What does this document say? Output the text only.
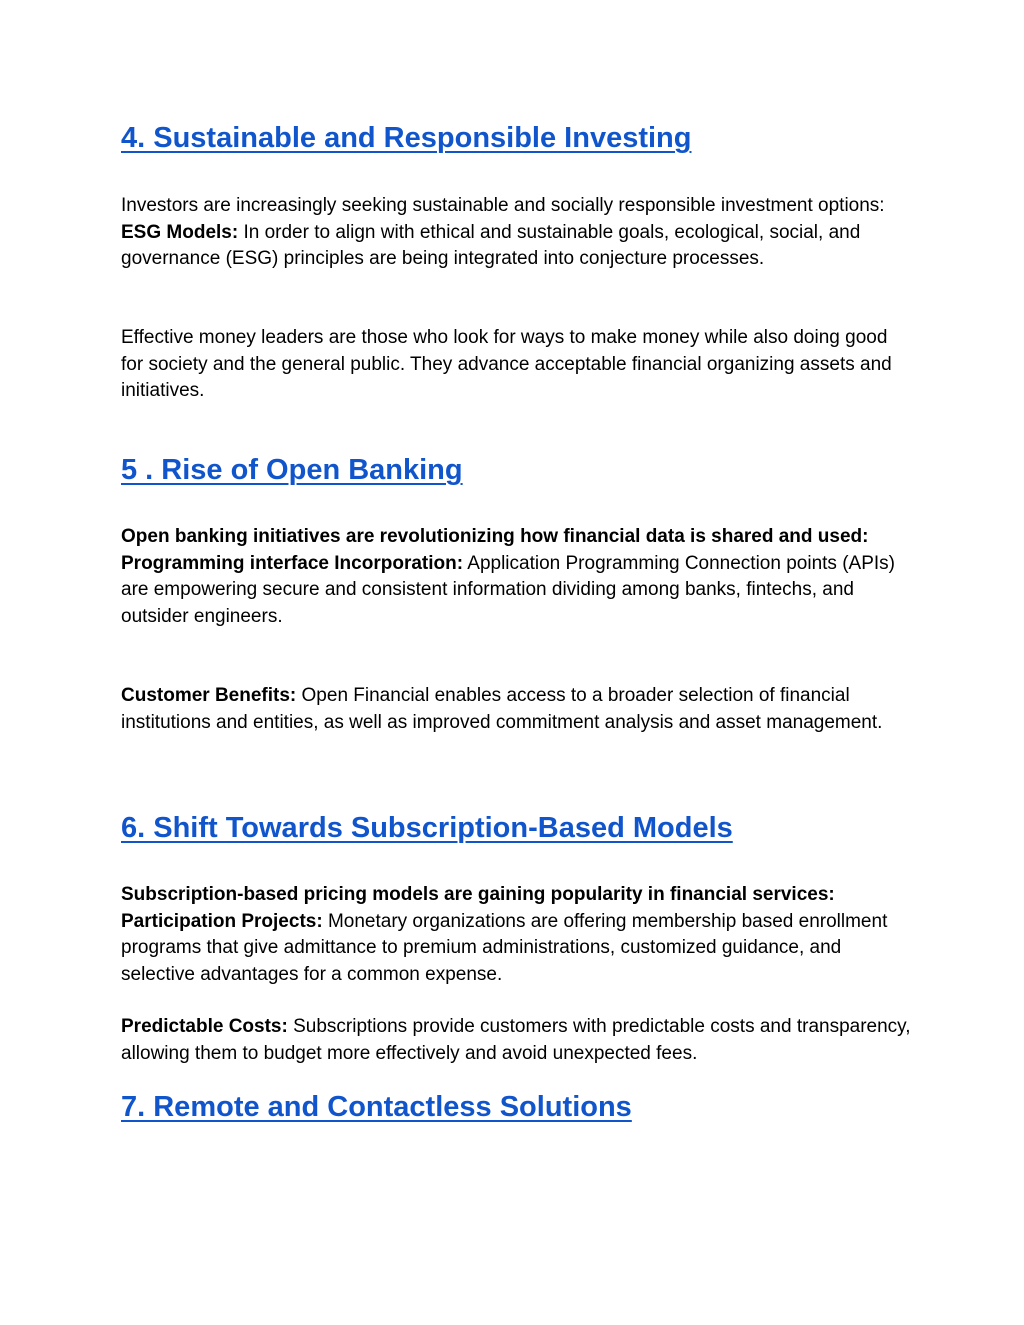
4. Sustainable and Responsible Investing

Investors are increasingly seeking sustainable and socially responsible investment options:
ESG Models: In order to align with ethical and sustainable goals, ecological, social, and governance (ESG) principles are being integrated into conjecture processes.

Effective money leaders are those who look for ways to make money while also doing good for society and the general public. They advance acceptable financial organizing assets and initiatives.

5 . Rise of Open Banking

Open banking initiatives are revolutionizing how financial data is shared and used:
Programming interface Incorporation: Application Programming Connection points (APIs) are empowering secure and consistent information dividing among banks, fintechs, and outsider engineers.

Customer Benefits: Open Financial enables access to a broader selection of financial institutions and entities, as well as improved commitment analysis and asset management.

6. Shift Towards Subscription-Based Models

Subscription-based pricing models are gaining popularity in financial services:
Participation Projects: Monetary organizations are offering membership based enrollment programs that give admittance to premium administrations, customized guidance, and selective advantages for a common expense.

Predictable Costs: Subscriptions provide customers with predictable costs and transparency, allowing them to budget more effectively and avoid unexpected fees.

7. Remote and Contactless Solutions
